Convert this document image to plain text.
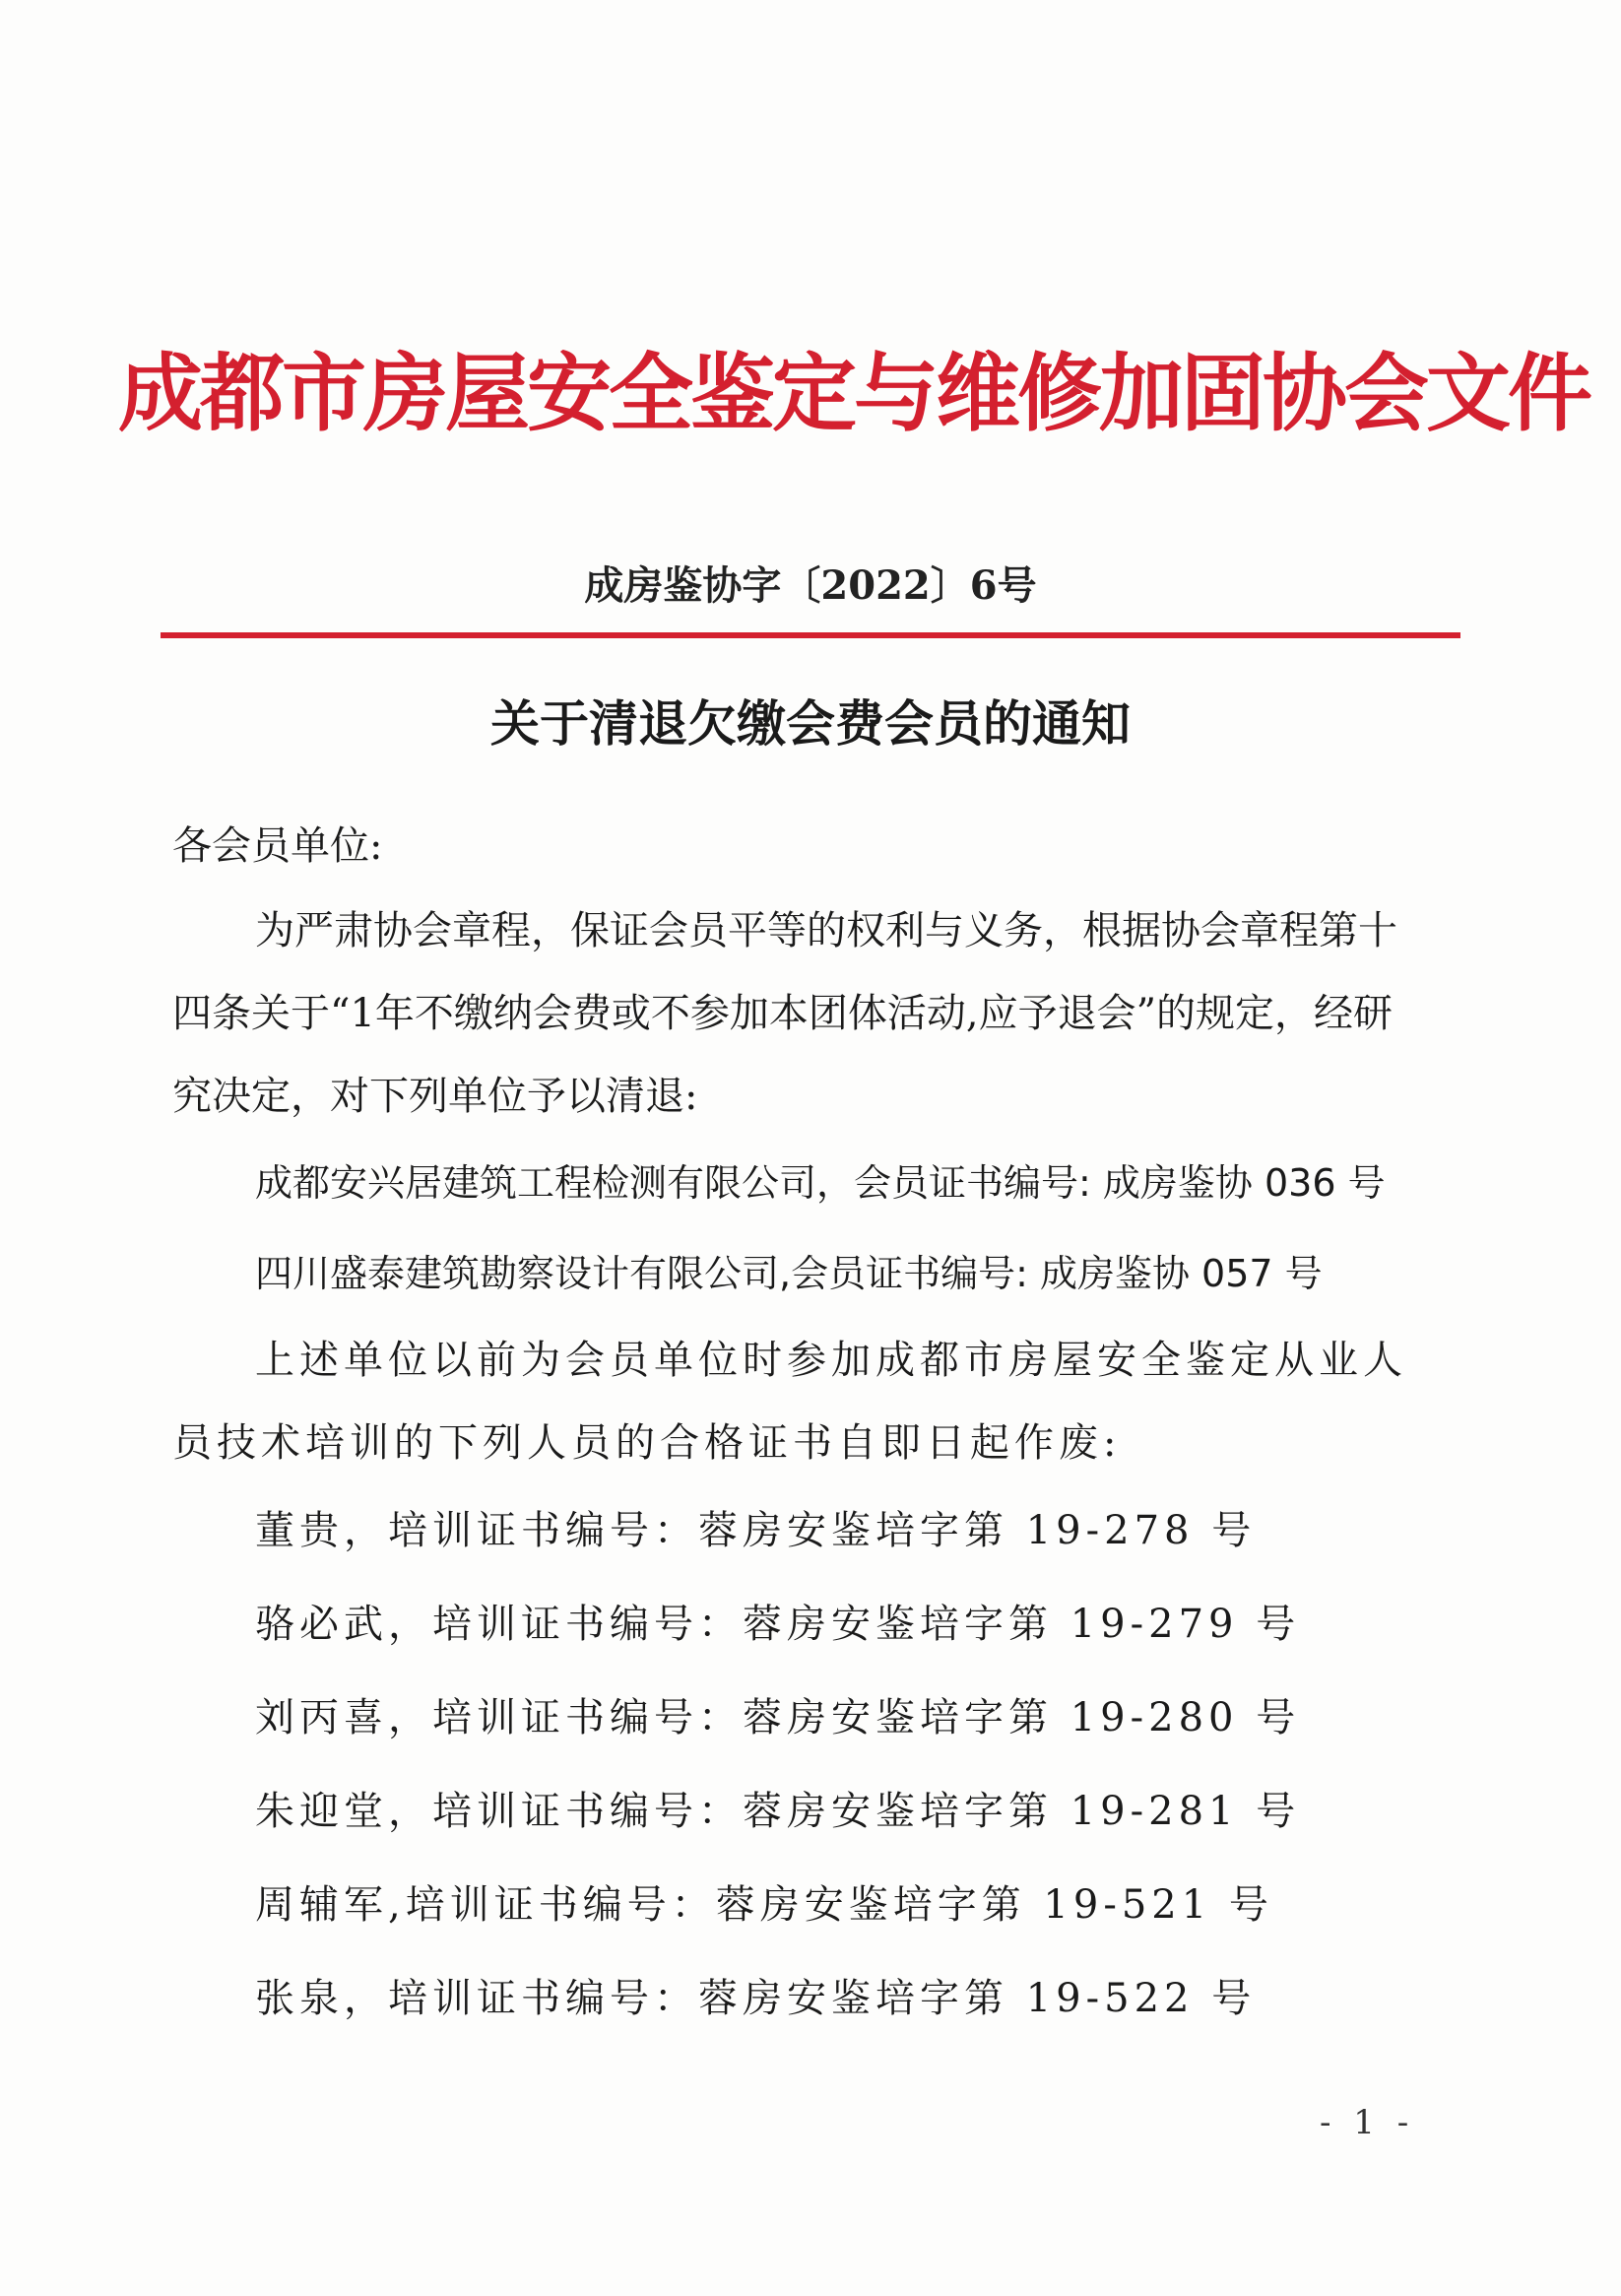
成都市房屋安全鉴定与维修加固协会文件
成房鉴协字〔2022〕6号
关于清退欠缴会费会员的通知

各会员单位:

为严肃协会章程，保证会员平等的权利与义务，根据协会章程第十四条关于“1年不缴纳会费或不参加本团体活动,应予退会”的规定，经研究决定，对下列单位予以清退:

成都安兴居建筑工程检测有限公司，会员证书编号: 成房鉴协 036 号

四川盛泰建筑勘察设计有限公司,会员证书编号: 成房鉴协 057 号

上述单位以前为会员单位时参加成都市房屋安全鉴定从业人员技术培训的下列人员的合格证书自即日起作废:

董贵，培训证书编号：蓉房安鉴培字第 19-278 号

骆必武，培训证书编号：蓉房安鉴培字第 19-279 号

刘丙喜，培训证书编号：蓉房安鉴培字第 19-280 号

朱迎堂，培训证书编号：蓉房安鉴培字第 19-281 号

周辅军,培训证书编号：蓉房安鉴培字第 19-521 号

张泉，培训证书编号：蓉房安鉴培字第 19-522 号

- 1 -
